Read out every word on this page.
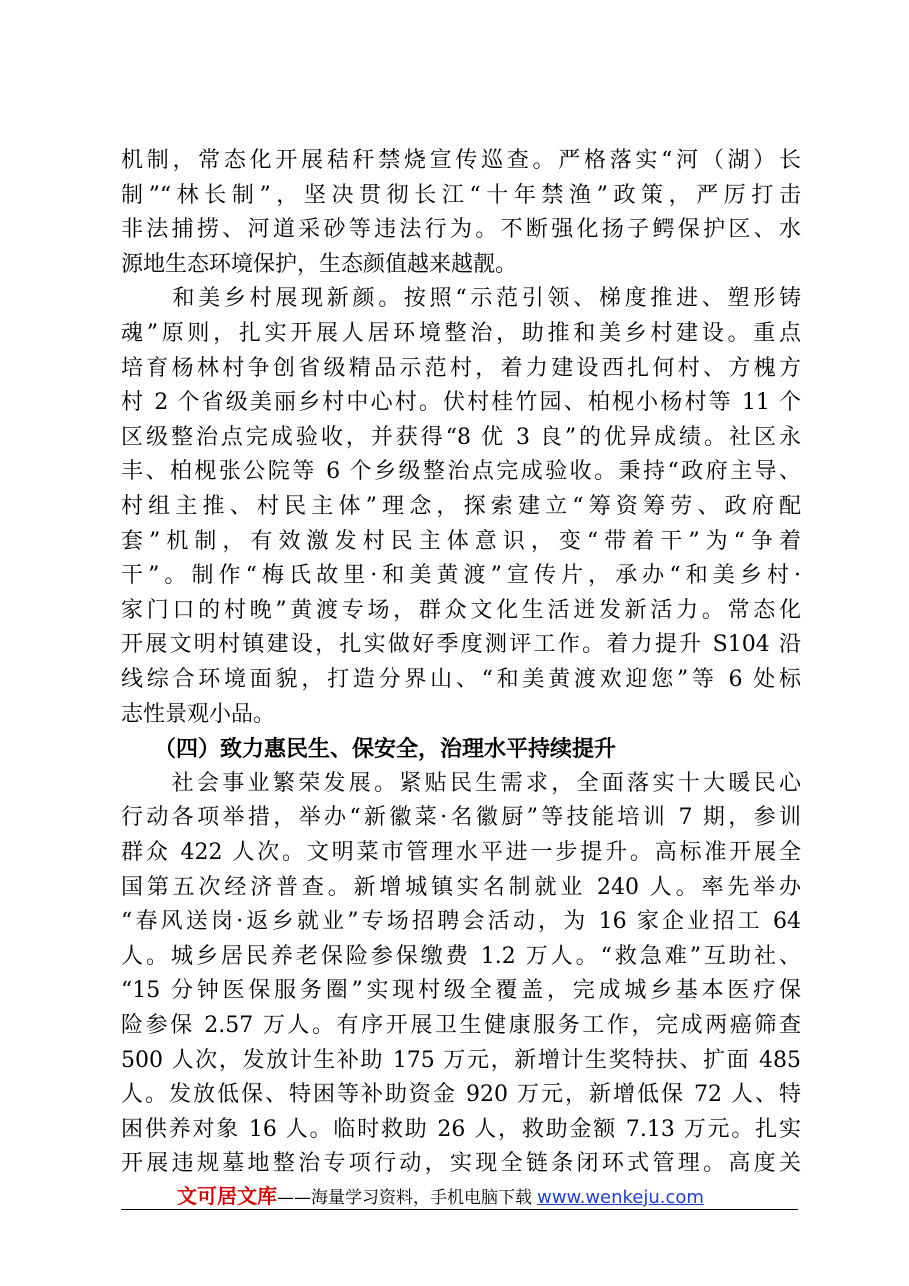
机制，常态化开展秸秆禁烧宣传巡查。严格落实“河（湖）长
制”“林长制”，坚决贯彻长江“十年禁渔”政策，严厉打击
非法捕捞、河道采砂等违法行为。不断强化扬子鳄保护区、水
源地生态环境保护，生态颜值越来越靓。
　　和美乡村展现新颜。按照“示范引领、梯度推进、塑形铸
魂”原则，扎实开展人居环境整治，助推和美乡村建设。重点
培育杨林村争创省级精品示范村，着力建设西扎何村、方槐方
村 2 个省级美丽乡村中心村。伏村桂竹园、柏枧小杨村等 11 个
区级整治点完成验收，并获得“8 优 3 良”的优异成绩。社区永
丰、柏枧张公院等 6 个乡级整治点完成验收。秉持“政府主导、
村组主推、村民主体”理念，探索建立“筹资筹劳、政府配
套”机制，有效激发村民主体意识，变“带着干”为“争着
干”。制作“梅氏故里·和美黄渡”宣传片，承办“和美乡村·
家门口的村晚”黄渡专场，群众文化生活迸发新活力。常态化
开展文明村镇建设，扎实做好季度测评工作。着力提升 S104 沿
线综合环境面貌，打造分界山、“和美黄渡欢迎您”等 6 处标
志性景观小品。
　　（四）致力惠民生、保安全，治理水平持续提升
　　社会事业繁荣发展。紧贴民生需求，全面落实十大暖民心
行动各项举措，举办“新徽菜·名徽厨”等技能培训 7 期，参训
群众 422 人次。文明菜市管理水平进一步提升。高标准开展全
国第五次经济普查。新增城镇实名制就业 240 人。率先举办
“春风送岗·返乡就业”专场招聘会活动，为 16 家企业招工 64
人。城乡居民养老保险参保缴费 1.2 万人。“救急难”互助社、
“15 分钟医保服务圈”实现村级全覆盖，完成城乡基本医疗保
险参保 2.57 万人。有序开展卫生健康服务工作，完成两癌筛查
500 人次，发放计生补助 175 万元，新增计生奖特扶、扩面 485
人。发放低保、特困等补助资金 920 万元，新增低保 72 人、特
困供养对象 16 人。临时救助 26 人，救助金额 7.13 万元。扎实
开展违规墓地整治专项行动，实现全链条闭环式管理。高度关
文可居文库——海量学习资料，手机电脑下载 www.wenkeju.com
